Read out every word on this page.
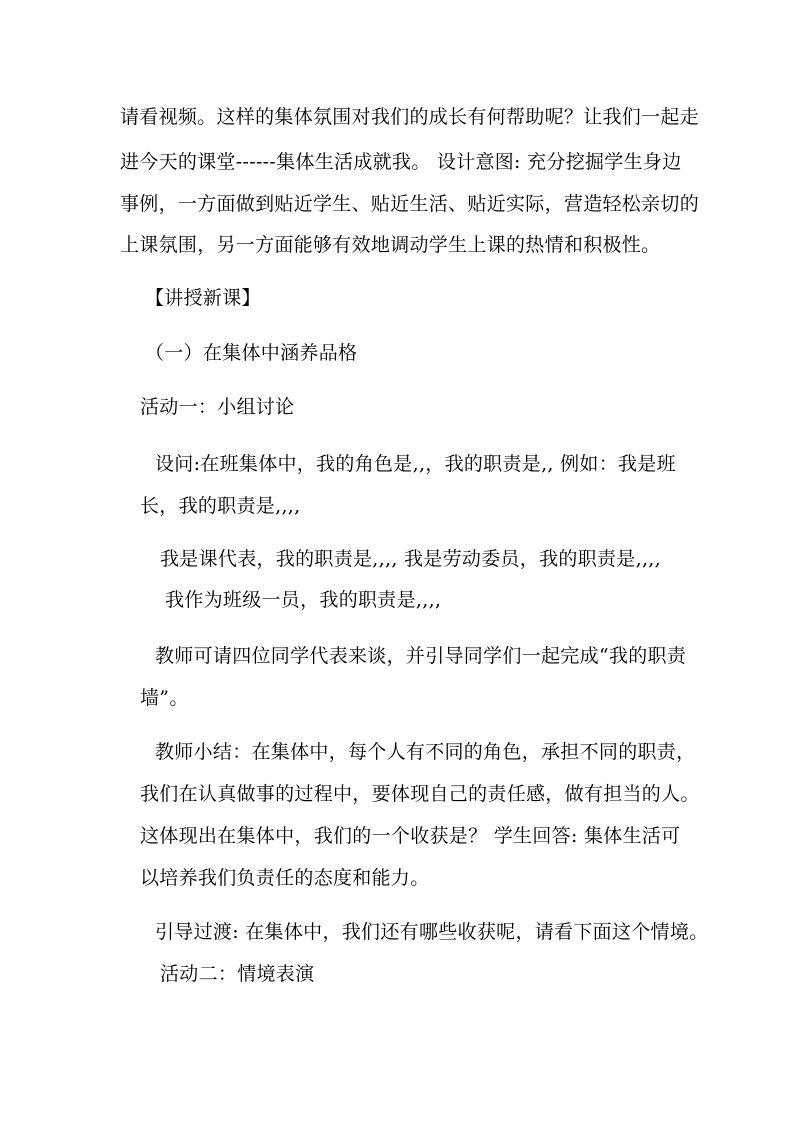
请看视频。这样的集体氛围对我们的成长有何帮助呢？让我们一起走
进今天的课堂------集体生活成就我。 设计意图: 充分挖掘学生身边
事例，一方面做到贴近学生、贴近生活、贴近实际，营造轻松亲切的
上课氛围，另一方面能够有效地调动学生上课的热情和积极性。
【讲授新课】
（一）在集体中涵养品格
活动一：小组讨论
设问:在班集体中，我的角色是,,，我的职责是,, 例如：我是班
长，我的职责是,,,,
我是课代表，我的职责是,,,, 我是劳动委员，我的职责是,,,,
我作为班级一员，我的职责是,,,,
教师可请四位同学代表来谈，并引导同学们一起完成“我的职责
墙”。
教师小结：在集体中，每个人有不同的角色，承担不同的职责，
我们在认真做事的过程中，要体现自己的责任感，做有担当的人。
这体现出在集体中，我们的一个收获是？ 学生回答: 集体生活可
以培养我们负责任的态度和能力。
引导过渡: 在集体中，我们还有哪些收获呢，请看下面这个情境。
活动二：情境表演
